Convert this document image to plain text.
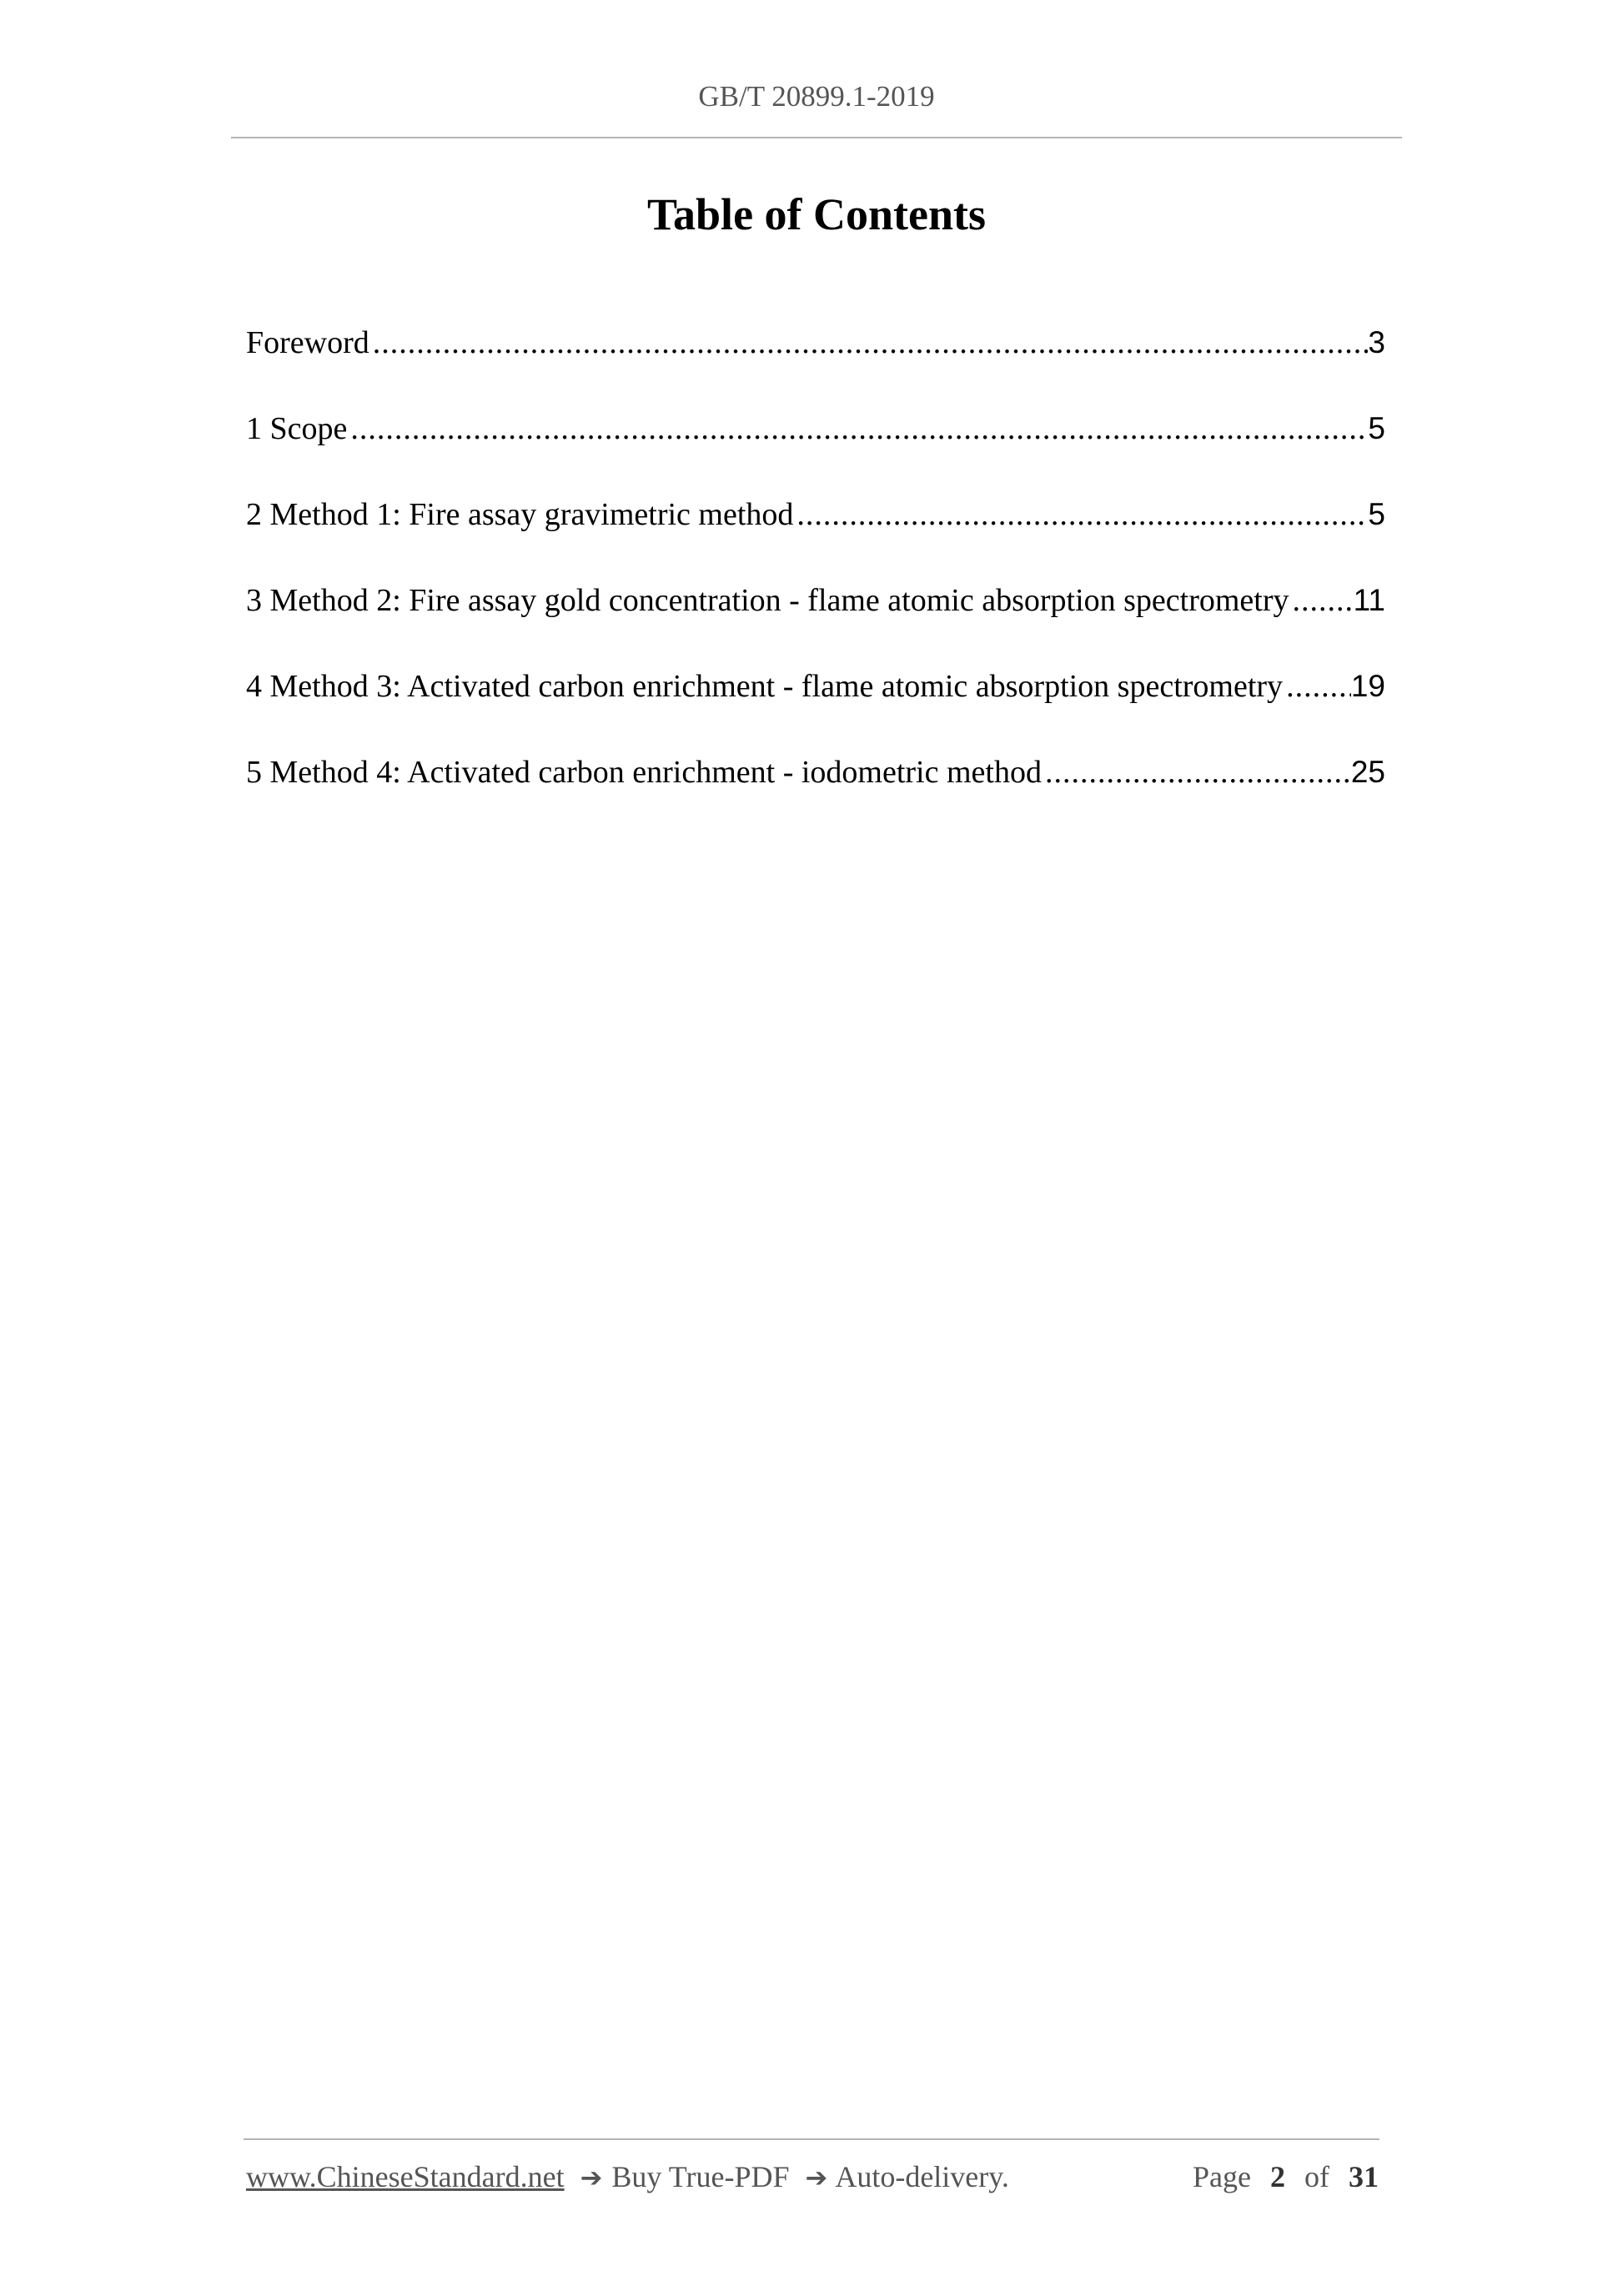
GB/T 20899.1-2019
Table of Contents
Foreword .....	3
1 Scope .....	5
2 Method 1: Fire assay gravimetric method .....	5
3 Method 2: Fire assay gold concentration - flame atomic absorption spectrometry ..... 11
4 Method 3: Activated carbon enrichment - flame atomic absorption spectrometry ..... 19
5 Method 4: Activated carbon enrichment - iodometric method .....	25
www.ChineseStandard.net ➔ Buy True-PDF ➔ Auto-delivery.	Page 2 of 31
